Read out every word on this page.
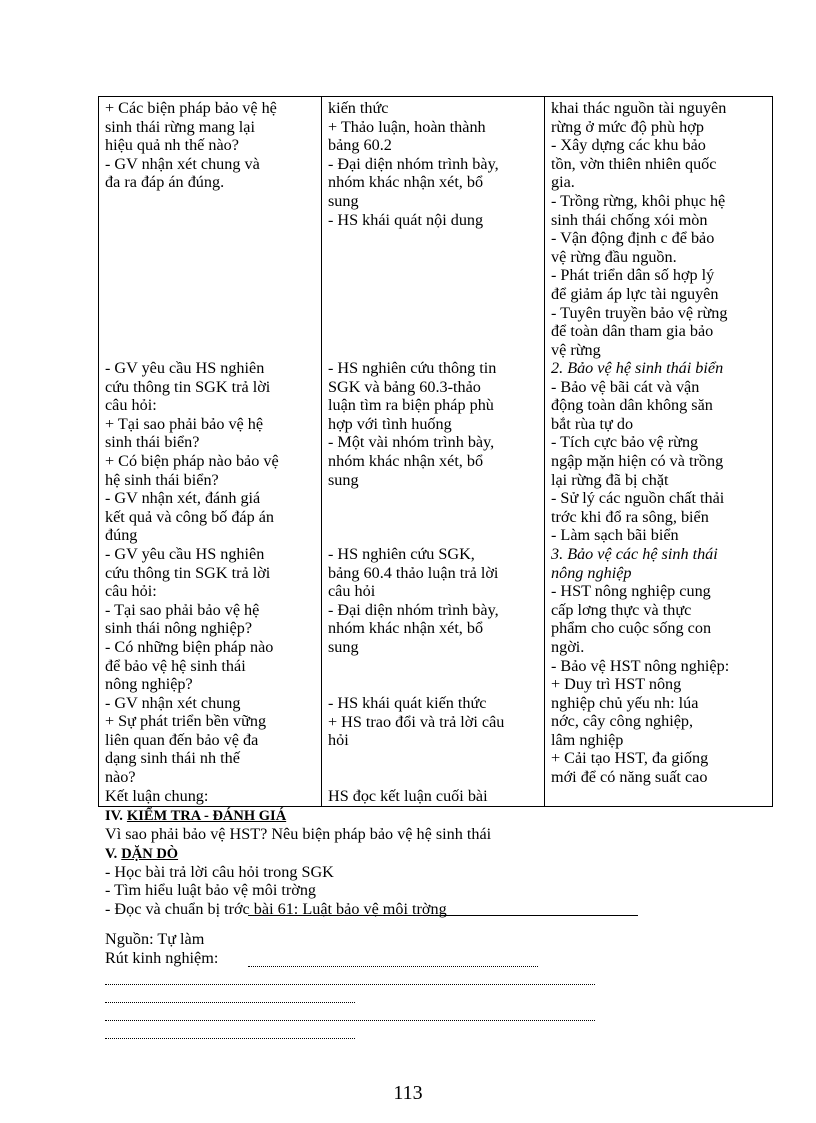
+ Các biện pháp bảo vệ hệ
sinh thái rừng mang lại
hiệu quả nh thế nào?
- GV nhận xét chung và
đa ra đáp án đúng.
- GV yêu cầu HS nghiên
cứu thông tin SGK trả lời
câu hỏi:
+ Tại sao phải bảo vệ hệ
sinh thái biển?
+ Có biện pháp nào bảo vệ
hệ sinh thái biển?
- GV nhận xét, đánh giá
kết quả và công bố đáp án
đúng
- GV yêu cầu HS nghiên
cứu thông tin SGK trả lời
câu hỏi:
- Tại sao phải bảo vệ hệ
sinh thái nông nghiệp?
- Có những biện pháp nào
để bảo vệ hệ sinh thái
nông nghiệp?
- GV nhận xét chung
+ Sự phát triển bền vững
liên quan đến bảo vệ đa
dạng sinh thái nh thế
nào?
Kết luận chung:
kiến thức
+ Thảo luận, hoàn thành
bảng 60.2
- Đại diện nhóm trình bày,
nhóm khác nhận xét, bổ
sung
- HS khái quát nội dung
- HS nghiên cứu thông tin
SGK và bảng 60.3-thảo
luận tìm ra biện pháp phù
hợp với tình huống
- Một vài nhóm trình bày,
nhóm khác nhận xét, bổ
sung
- HS nghiên cứu SGK,
bảng 60.4 thảo luận trả lời
câu hỏi
- Đại diện nhóm trình bày,
nhóm khác nhận xét, bổ
sung
- HS khái quát kiến thức
+ HS trao đổi và trả lời câu
hỏi
HS đọc kết luận cuối bài
khai thác nguồn tài nguyên
rừng ở mức độ phù hợp
- Xây dựng các khu bảo
tồn, vờn thiên nhiên quốc
gia.
- Trồng rừng, khôi phục hệ
sinh thái chống xói mòn
- Vận động định c để bảo
vệ rừng đầu nguồn.
- Phát triển dân số hợp lý
để giảm áp lực tài nguyên
- Tuyên truyền bảo vệ rừng
để toàn dân tham gia bảo
vệ rừng
2. Bảo vệ hệ sinh thái biển
- Bảo vệ bãi cát và vận
động toàn dân không săn
bắt rùa tự do
- Tích cực bảo vệ rừng
ngập mặn hiện có và trồng
lại rừng đã bị chặt
- Sử lý các nguồn chất thải
trớc khi đổ ra sông, biển
- Làm sạch bãi biển
3. Bảo vệ các hệ sinh thái
nông nghiệp
- HST nông nghiệp cung
cấp lơng thực và thực
phẩm cho cuộc sống con
ngời.
- Bảo vệ HST nông nghiệp:
+ Duy trì HST nông
nghiệp chủ yếu nh: lúa
nớc, cây công nghiệp,
lâm nghiệp
+ Cải tạo HST, đa giống
mới để có năng suất cao
IV. KIỂM TRA - ĐÁNH GIÁ
Vì sao phải bảo vệ HST? Nêu biện pháp bảo vệ hệ sinh thái
V. DẶN DÒ
- Học bài trả lời câu hỏi trong SGK
- Tìm hiểu luật bảo vệ môi trờng
- Đọc và chuẩn bị trớc bài 61: Luật bảo vệ môi trờng
Nguồn: Tự làm
Rút kinh nghiệm:
113
